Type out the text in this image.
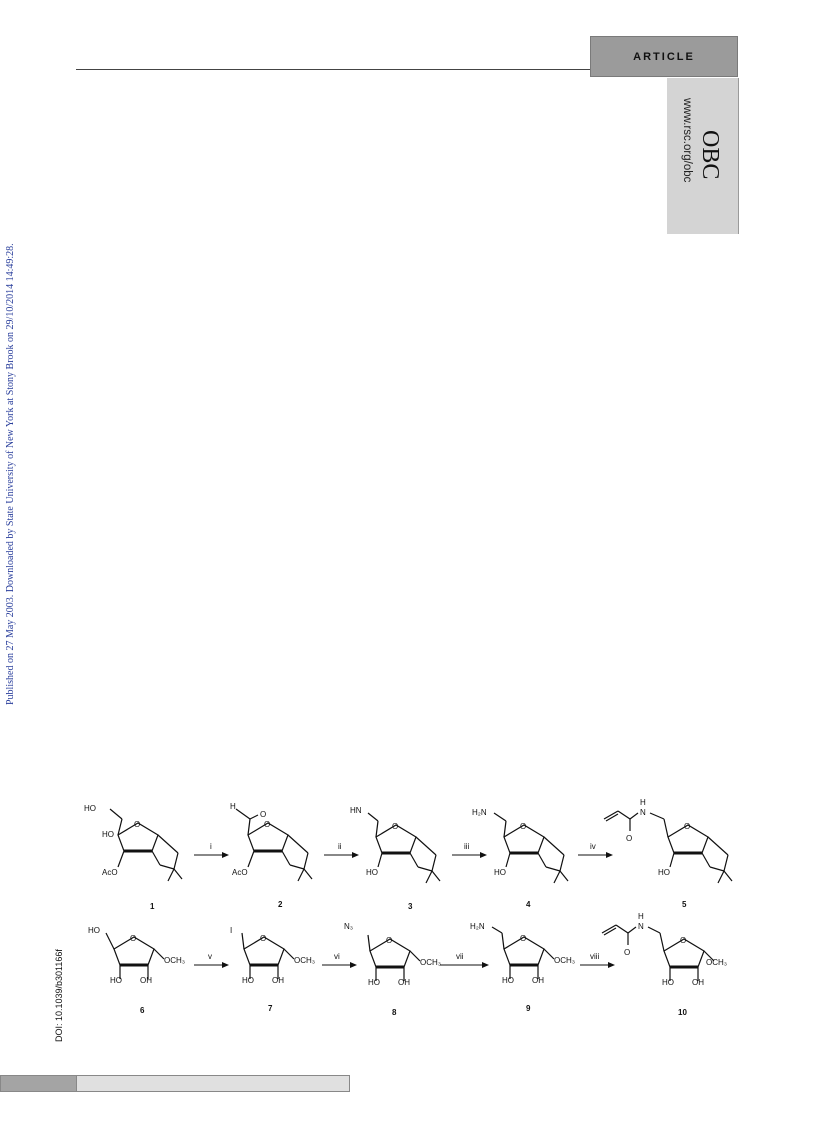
Published on 27 May 2003. Downloaded by State University of New York at Stony Brook on 29/10/2014 14:49:28.
ARTICLE
OBC
www.rsc.org/obc
DOI: 10.1039/b301166f
HO
HO
AcO
O
1
i
H
O
AcO
O
2
ii
HN
HO
O
3
iii
H₂N
HO
O
4
iv
N
H
O
HO
O
5
HO
HO OH
OCH₃
O
6
v
I
HO OH
OCH₃
O
7
vi
N₃
HO OH
OCH₃
O
8
vii
H₂N
HO OH
OCH₃
O
9
viii
N
H
O
HO OH
OCH₃
O
10
